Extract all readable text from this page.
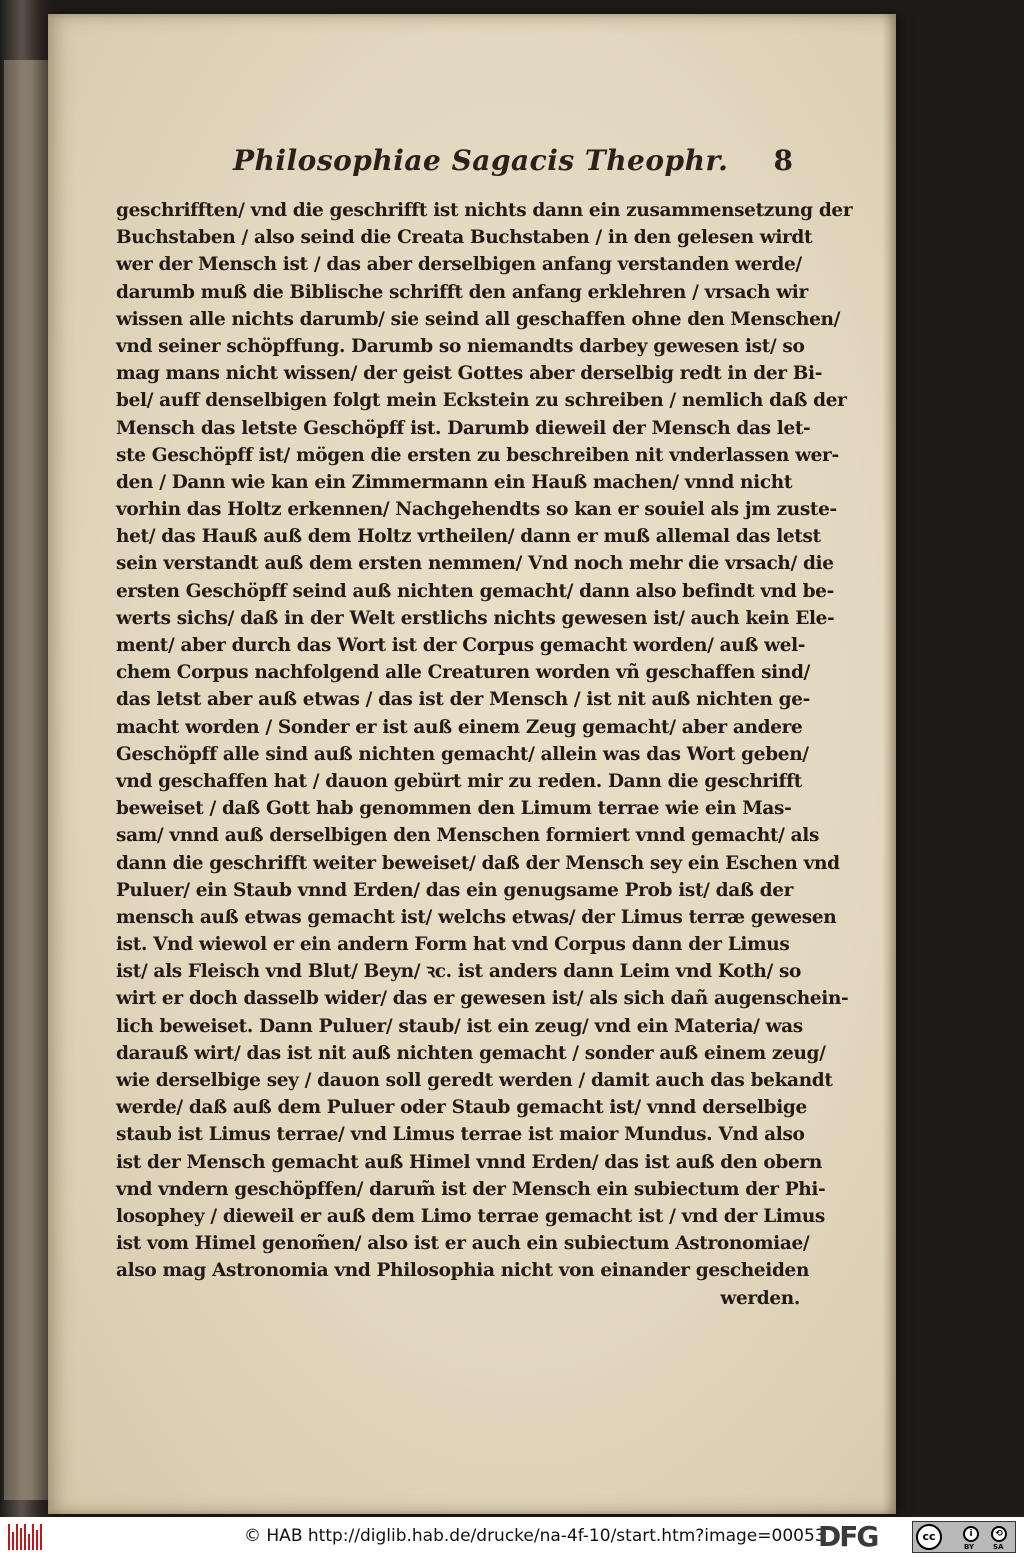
Philosophiae Sagacis Theophr. 8
geschrifften/ vnd die geschrifft ist nichts dann ein zusammensetzung der
Buchstaben / also seind die Creata Buchstaben / in den gelesen wirdt
wer der Mensch ist / das aber derselbigen anfang verstanden werde/
darumb muß die Biblische schrifft den anfang erklehren / vrsach wir
wissen alle nichts darumb/ sie seind all geschaffen ohne den Menschen/
vnd seiner schöpffung. Darumb so niemandts darbey gewesen ist/ so
mag mans nicht wissen/ der geist Gottes aber derselbig redt in der Bi-
bel/ auff denselbigen folgt mein Eckstein zu schreiben / nemlich daß der
Mensch das letste Geschöpff ist. Darumb dieweil der Mensch das let-
ste Geschöpff ist/ mögen die ersten zu beschreiben nit vnderlassen wer-
den / Dann wie kan ein Zimmermann ein Hauß machen/ vnnd nicht
vorhin das Holtz erkennen/ Nachgehendts so kan er souiel als jm zuste-
het/ das Hauß auß dem Holtz vrtheilen/ dann er muß allemal das letst
sein verstandt auß dem ersten nemmen/ Vnd noch mehr die vrsach/ die
ersten Geschöpff seind auß nichten gemacht/ dann also befindt vnd be-
werts sichs/ daß in der Welt erstlichs nichts gewesen ist/ auch kein Ele-
ment/ aber durch das Wort ist der Corpus gemacht worden/ auß wel-
chem Corpus nachfolgend alle Creaturen worden vñ geschaffen sind/
das letst aber auß etwas / das ist der Mensch / ist nit auß nichten ge-
macht worden / Sonder er ist auß einem Zeug gemacht/ aber andere
Geschöpff alle sind auß nichten gemacht/ allein was das Wort geben/
vnd geschaffen hat / dauon gebürt mir zu reden. Dann die geschrifft
beweiset / daß Gott hab genommen den Limum terrae wie ein Mas-
sam/ vnnd auß derselbigen den Menschen formiert vnnd gemacht/ als
dann die geschrifft weiter beweiset/ daß der Mensch sey ein Eschen vnd
Puluer/ ein Staub vnnd Erden/ das ein genugsame Prob ist/ daß der
mensch auß etwas gemacht ist/ welchs etwas/ der Limus terræ gewesen
ist. Vnd wiewol er ein andern Form hat vnd Corpus dann der Limus
ist/ als Fleisch vnd Blut/ Beyn/ ꝛc. ist anders dann Leim vnd Koth/ so
wirt er doch dasselb wider/ das er gewesen ist/ als sich dañ augenschein-
lich beweiset. Dann Puluer/ staub/ ist ein zeug/ vnd ein Materia/ was
darauß wirt/ das ist nit auß nichten gemacht / sonder auß einem zeug/
wie derselbige sey / dauon soll geredt werden / damit auch das bekandt
werde/ daß auß dem Puluer oder Staub gemacht ist/ vnnd derselbige
staub ist Limus terrae/ vnd Limus terrae ist maior Mundus. Vnd also
ist der Mensch gemacht auß Himel vnnd Erden/ das ist auß den obern
vnd vndern geschöpffen/ darum̃ ist der Mensch ein subiectum der Phi-
losophey / dieweil er auß dem Limo terrae gemacht ist / vnd der Limus
ist vom Himel genom̃en/ also ist er auch ein subiectum Astronomiae/
also mag Astronomia vnd Philosophia nicht von einander gescheiden
werden.
© HAB http://diglib.hab.de/drucke/na-4f-10/start.htm?image=00053
DFG	cc	i	⟲
BY	SA
